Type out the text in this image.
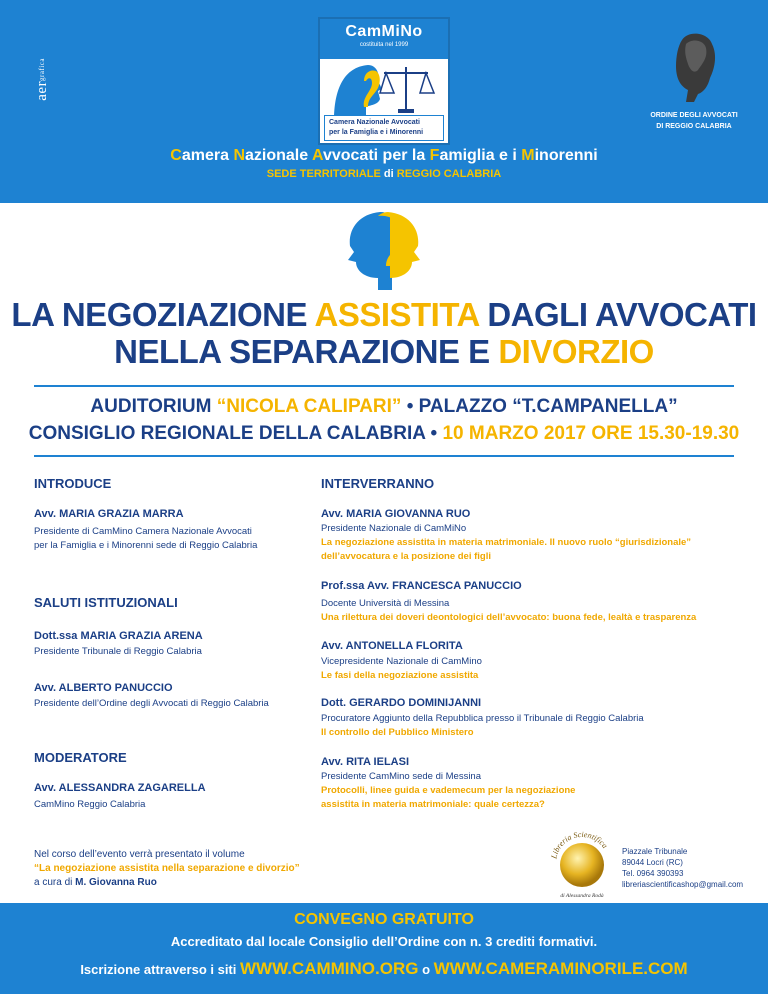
aergrafica
CamMiNo
costituita nel 1999
Camera Nazionale Avvocati
per la Famiglia e i Minorenni
ORDINE DEGLI AVVOCATI
DI REGGIO CALABRIA
Camera Nazionale Avvocati per la Famiglia e i Minorenni
SEDE TERRITORIALE di REGGIO CALABRIA
LA NEGOZIAZIONE ASSISTITA DAGLI AVVOCATI
NELLA SEPARAZIONE E DIVORZIO
AUDITORIUM “NICOLA CALIPARI” • PALAZZO “T.CAMPANELLA”
CONSIGLIO REGIONALE DELLA CALABRIA • 10 MARZO 2017 ORE 15.30-19.30
INTRODUCE
Avv. MARIA GRAZIA MARRA
Presidente di CamMino Camera Nazionale Avvocati
per la Famiglia e i Minorenni sede di Reggio Calabria
SALUTI ISTITUZIONALI
Dott.ssa MARIA GRAZIA ARENA
Presidente Tribunale di Reggio Calabria
Avv. ALBERTO PANUCCIO
Presidente dell’Ordine degli Avvocati di Reggio Calabria
MODERATORE
Avv. ALESSANDRA ZAGARELLA
CamMino Reggio Calabria
INTERVERRANNO
Avv. MARIA GIOVANNA RUO
Presidente Nazionale di CamMiNo
La negoziazione assistita in materia matrimoniale. Il nuovo ruolo “giurisdizionale”
dell’avvocatura e la posizione dei figli
Prof.ssa Avv. FRANCESCA PANUCCIO
Docente Università di Messina
Una rilettura dei doveri deontologici dell’avvocato: buona fede, lealtà e trasparenza
Avv. ANTONELLA FLORITA
Vicepresidente Nazionale di CamMino
Le fasi della negoziazione assistita
Dott. GERARDO DOMINIJANNI
Procuratore Aggiunto della Repubblica presso il Tribunale di Reggio Calabria
Il controllo del Pubblico Ministero
Avv. RITA IELASI
Presidente CamMino sede di Messina
Protocolli, linee guida e vademecum per la negoziazione
assistita in materia matrimoniale: quale certezza?
Nel corso dell’evento verrà presentato il volume
“La negoziazione assistita nella separazione e divorzio”
a cura di M. Giovanna Ruo
Libreria Scientifica
di Alessandra Rodà
Piazzale Tribunale
89044 Locri (RC)
Tel. 0964 390393
libreriascientificashop@gmail.com
CONVEGNO GRATUITO
Accreditato dal locale Consiglio dell’Ordine con n. 3 crediti formativi.
Iscrizione attraverso i siti WWW.CAMMINO.ORG o WWW.CAMERAMINORILE.COM
